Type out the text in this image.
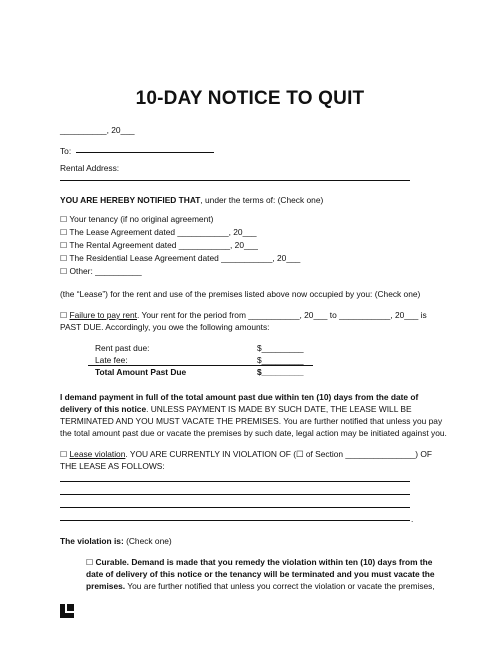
10-DAY NOTICE TO QUIT
__________, 20___
To:
Rental Address:
YOU ARE HEREBY NOTIFIED THAT, under the terms of: (Check one)
☐ Your tenancy (if no original agreement)
☐ The Lease Agreement dated ___________, 20___
☐ The Rental Agreement dated ___________, 20___
☐ The Residential Lease Agreement dated ___________, 20___
☐ Other: __________
(the “Lease”) for the rent and use of the premises listed above now occupied by you: (Check one)
☐ Failure to pay rent. Your rent for the period from ___________, 20___ to ___________, 20___ is
PAST DUE. Accordingly, you owe the following amounts:
Rent past due:	$_________
Late fee:	$_________
Total Amount Past Due	$_________
I demand payment in full of the total amount past due within ten (10) days from the date of
delivery of this notice. UNLESS PAYMENT IS MADE BY SUCH DATE, THE LEASE WILL BE
TERMINATED AND YOU MUST VACATE THE PREMISES. You are further notified that unless you pay
the total amount past due or vacate the premises by such date, legal action may be initiated against you.
☐ Lease violation. YOU ARE CURRENTLY IN VIOLATION OF (☐ of Section _______________) OF
THE LEASE AS FOLLOWS:
.
The violation is: (Check one)
☐ Curable. Demand is made that you remedy the violation within ten (10) days from the
date of delivery of this notice or the tenancy will be terminated and you must vacate the
premises. You are further notified that unless you correct the violation or vacate the premises,
